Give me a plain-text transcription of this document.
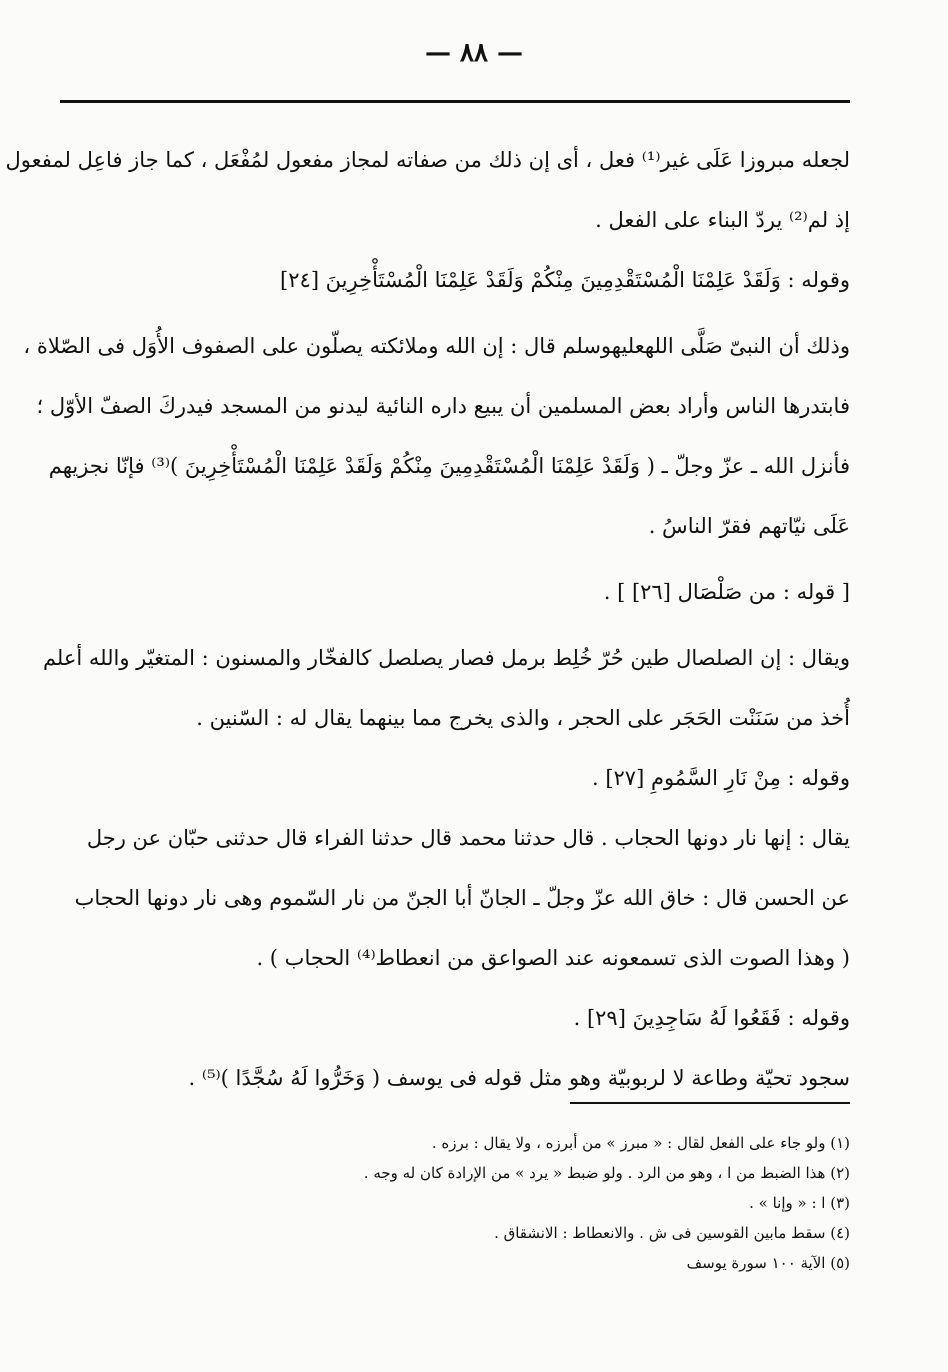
— ٨٨ —
لجعله مبروزا عَلَى غير⁽¹⁾ فعل ، أى إن ذلك من صفاته لمجاز مفعول لمُفْعَل ، كما جاز فاعِل لمفعول
إذ لم⁽²⁾ يردّ البناء على الفعل .
وقوله : وَلَقَدْ عَلِمْنَا الْمُسْتَقْدِمِينَ مِنْكُمْ وَلَقَدْ عَلِمْنَا الْمُسْتَأْخِرِينَ [٢٤]
وذلك أن النبىّ صَلَّى اللهعليهوسلم قال : إن الله وملائكته يصلّون على الصفوف الأُوَل فى الصّلاة ،
فابتدرها الناس وأراد بعض المسلمين أن يبيع داره النائية ليدنو من المسجد فيدركَ الصفّ الأوّل ؛
فأنزل الله ـ عزّ وجلّ ـ ( وَلَقَدْ عَلِمْنَا الْمُسْتَقْدِمِينَ مِنْكُمْ وَلَقَدْ عَلِمْنَا الْمُسْتَأْخِرِينَ )⁽³⁾ فإنّا نجزيهم
عَلَى نيّاتهم فقرّ الناسُ .
[ قوله : من صَلْصَال [٢٦] ] .
ويقال : إن الصلصال طين حُرّ خُلِط برمل فصار يصلصل كالفخّار والمسنون : المتغيّر والله أعلم
أُخذ من سَنَنْت الحَجَر على الحجر ، والذى يخرج مما بينهما يقال له : السّنين .
وقوله : مِنْ نَارِ السَّمُومِ [٢٧] .
يقال : إنها نار دونها الحجاب . قال حدثنا محمد قال حدثنا الفراء قال حدثنى حبّان عن رجل
عن الحسن قال : خاق الله عزّ وجلّ ـ الجانّ أبا الجنّ من نار السّموم وهى نار دونها الحجاب
( وهذا الصوت الذى تسمعونه عند الصواعق من انعطاط⁽⁴⁾ الحجاب ) .
وقوله : فَقَعُوا لَهُ سَاجِدِينَ [٢٩] .
سجود تحيّة وطاعة لا لربوبيّة وهو مثل قوله فى يوسف ( وَخَرُّوا لَهُ سُجَّدًا )⁽⁵⁾ .
(١) ولو جاء على الفعل لقال : « مبرز » من أبرزه ، ولا يقال : برزه .
(٢) هذا الضبط من ا ، وهو من الرد . ولو ضبط « يرد » من الإرادة كان له وجه .
(٣) ا : « وإنا » .
(٤) سقط مابين القوسين فى ش . والانعطاط : الانشقاق .
(٥) الآية ١٠٠ سورة يوسف
